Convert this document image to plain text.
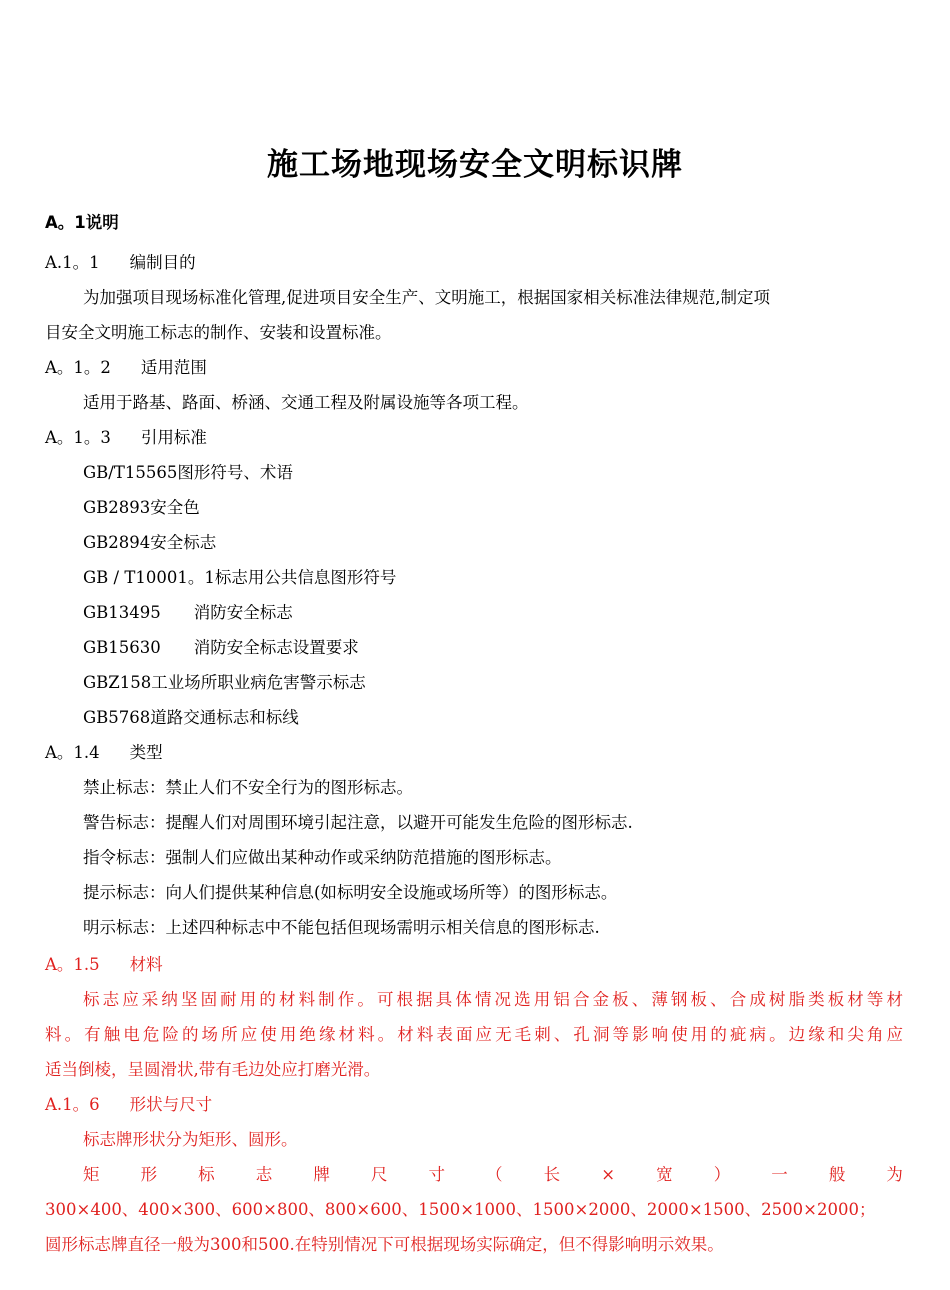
施工场地现场安全文明标识牌
A。1说明
A.1。1 编制目的
为加强项目现场标准化管理,促进项目安全生产、文明施工，根据国家相关标准法律规范,制定项
目安全文明施工标志的制作、安装和设置标准。
A。1。2 适用范围
适用于路基、路面、桥涵、交通工程及附属设施等各项工程。
A。1。3 引用标准
GB/T15565图形符号、术语
GB2893安全色
GB2894安全标志
GB / T10001。1标志用公共信息图形符号
GB13495　　消防安全标志
GB15630　　消防安全标志设置要求
GBZ158工业场所职业病危害警示标志
GB5768道路交通标志和标线
A。1.4 类型
禁止标志：禁止人们不安全行为的图形标志。
警告标志：提醒人们对周围环境引起注意，以避开可能发生危险的图形标志.
指令标志：强制人们应做出某种动作或采纳防范措施的图形标志。
提示标志：向人们提供某种信息(如标明安全设施或场所等）的图形标志。
明示标志：上述四种标志中不能包括但现场需明示相关信息的图形标志.
A。1.5 材料
标志应采纳坚固耐用的材料制作。可根据具体情况选用铝合金板、薄钢板、合成树脂类板材等材
料。有触电危险的场所应使用绝缘材料。材料表面应无毛刺、孔洞等影响使用的疵病。边缘和尖角应
适当倒棱，呈圆滑状,带有毛边处应打磨光滑。
A.1。6 形状与尺寸
标志牌形状分为矩形、圆形。
矩 形 标 志 牌 尺 寸 （ 长 × 宽 ） 一 般 为
300×400、400×300、600×800、800×600、1500×1000、1500×2000、2000×1500、2500×2000；
圆形标志牌直径一般为300和500.在特别情况下可根据现场实际确定，但不得影响明示效果。
